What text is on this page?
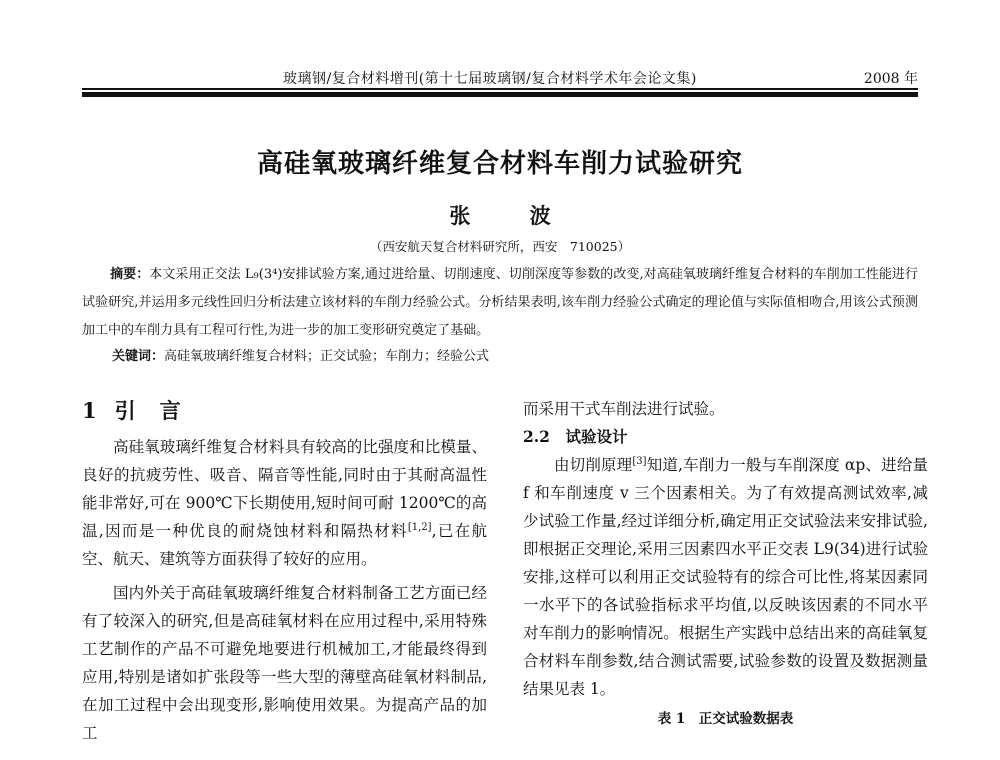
玻璃钢/复合材料增刊(第十七届玻璃钢/复合材料学术年会论文集)	2008 年
高硅氧玻璃纤维复合材料车削力试验研究
张 波
（西安航天复合材料研究所，西安　710025）
摘要：本文采用正交法 L₉(3⁴)安排试验方案,通过进给量、切削速度、切削深度等参数的改变,对高硅氧玻璃纤维复合材料的车削加工性能进行试验研究,并运用多元线性回归分析法建立该材料的车削力经验公式。分析结果表明,该车削力经验公式确定的理论值与实际值相吻合,用该公式预测加工中的车削力具有工程可行性,为进一步的加工变形研究奠定了基础。
关键词：高硅氧玻璃纤维复合材料；正交试验；车削力；经验公式
1 引言

高硅氧玻璃纤维复合材料具有较高的比强度和比模量、良好的抗疲劳性、吸音、隔音等性能,同时由于其耐高温性能非常好,可在 900℃下长期使用,短时间可耐 1200℃的高温,因而是一种优良的耐烧蚀材料和隔热材料[1,2],已在航空、航天、建筑等方面获得了较好的应用。

国内外关于高硅氧玻璃纤维复合材料制备工艺方面已经有了较深入的研究,但是高硅氧材料在应用过程中,采用特殊工艺制作的产品不可避免地要进行机械加工,才能最终得到应用,特别是诸如扩张段等一些大型的薄壁高硅氧材料制品,在加工过程中会出现变形,影响使用效果。为提高产品的加工

而采用干式车削法进行试验。

2.2　试验设计

由切削原理[3]知道,车削力一般与车削深度 αp、进给量 f 和车削速度 v 三个因素相关。为了有效提高测试效率,减少试验工作量,经过详细分析,确定用正交试验法来安排试验,即根据正交理论,采用三因素四水平正交表 L9(34)进行试验安排,这样可以利用正交试验特有的综合可比性,将某因素同一水平下的各试验指标求平均值,以反映该因素的不同水平对车削力的影响情况。根据生产实践中总结出来的高硅氧复合材料车削参数,结合测试需要,试验参数的设置及数据测量结果见表 1。

表 1　正交试验数据表
